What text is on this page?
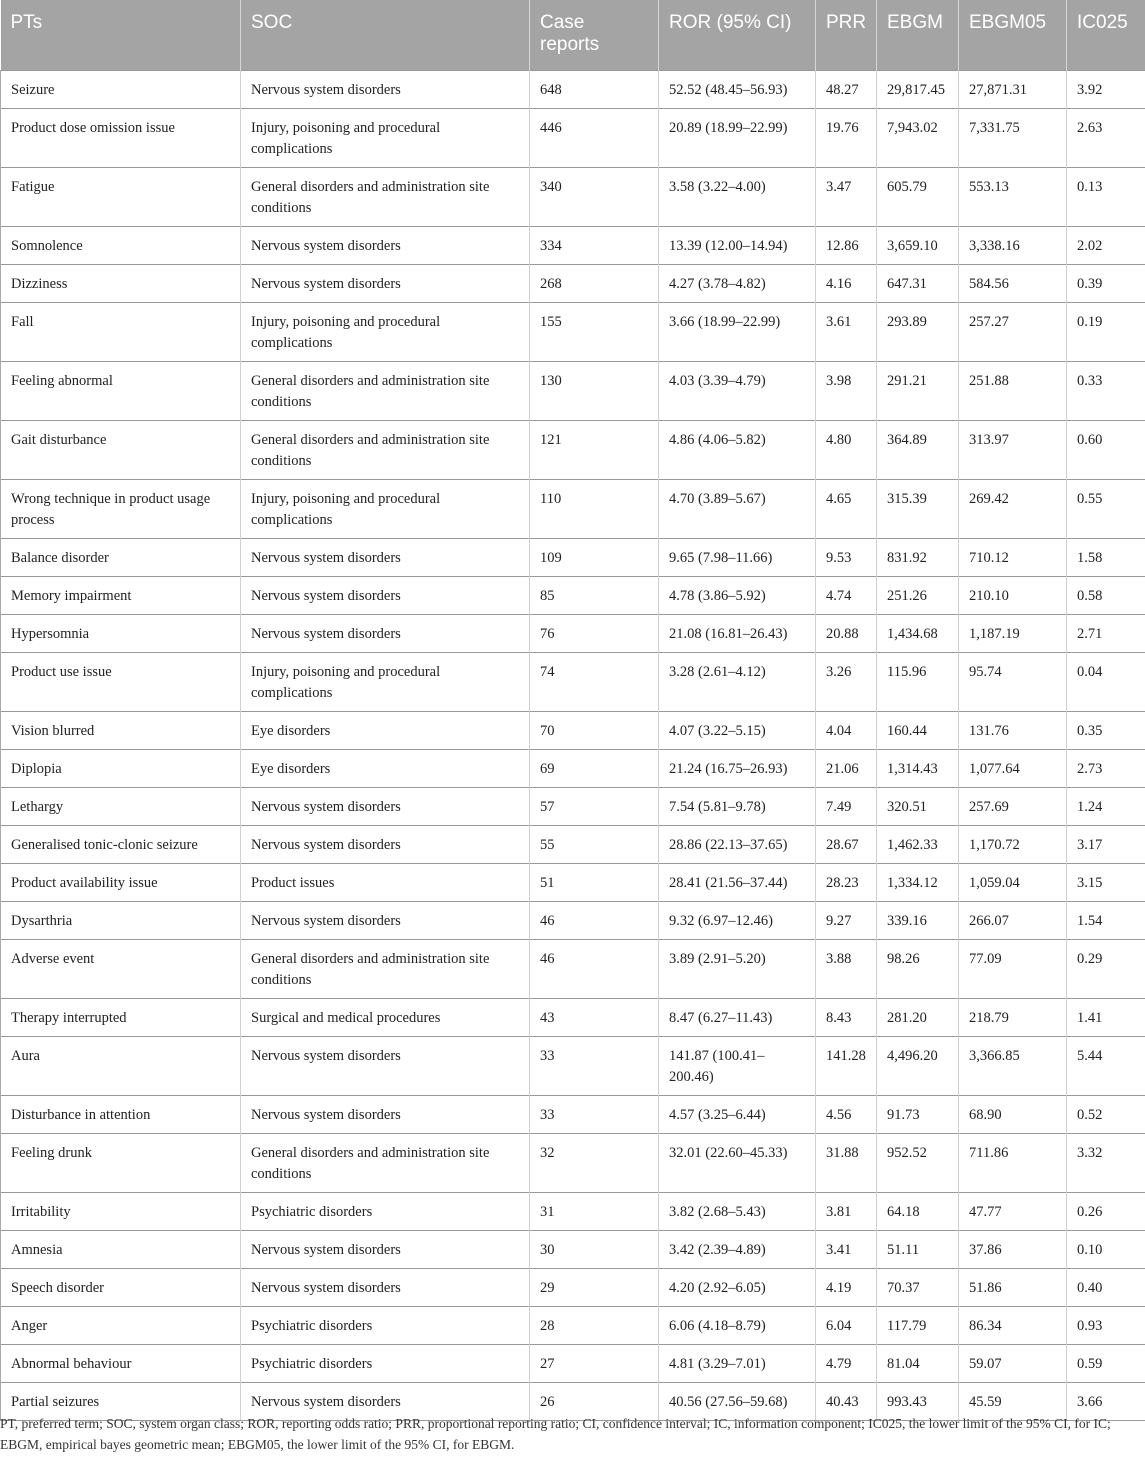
PTs	SOC	Case reports	ROR (95% CI)	PRR	EBGM	EBGM05	IC025
Seizure	Nervous system disorders	648	52.52 (48.45–56.93)	48.27	29,817.45	27,871.31	3.92
Product dose omission issue	Injury, poisoning and procedural complications	446	20.89 (18.99–22.99)	19.76	7,943.02	7,331.75	2.63
Fatigue	General disorders and administration site conditions	340	3.58 (3.22–4.00)	3.47	605.79	553.13	0.13
Somnolence	Nervous system disorders	334	13.39 (12.00–14.94)	12.86	3,659.10	3,338.16	2.02
Dizziness	Nervous system disorders	268	4.27 (3.78–4.82)	4.16	647.31	584.56	0.39
Fall	Injury, poisoning and procedural complications	155	3.66 (18.99–22.99)	3.61	293.89	257.27	0.19
Feeling abnormal	General disorders and administration site conditions	130	4.03 (3.39–4.79)	3.98	291.21	251.88	0.33
Gait disturbance	General disorders and administration site conditions	121	4.86 (4.06–5.82)	4.80	364.89	313.97	0.60
Wrong technique in product usage process	Injury, poisoning and procedural complications	110	4.70 (3.89–5.67)	4.65	315.39	269.42	0.55
Balance disorder	Nervous system disorders	109	9.65 (7.98–11.66)	9.53	831.92	710.12	1.58
Memory impairment	Nervous system disorders	85	4.78 (3.86–5.92)	4.74	251.26	210.10	0.58
Hypersomnia	Nervous system disorders	76	21.08 (16.81–26.43)	20.88	1,434.68	1,187.19	2.71
Product use issue	Injury, poisoning and procedural complications	74	3.28 (2.61–4.12)	3.26	115.96	95.74	0.04
Vision blurred	Eye disorders	70	4.07 (3.22–5.15)	4.04	160.44	131.76	0.35
Diplopia	Eye disorders	69	21.24 (16.75–26.93)	21.06	1,314.43	1,077.64	2.73
Lethargy	Nervous system disorders	57	7.54 (5.81–9.78)	7.49	320.51	257.69	1.24
Generalised tonic-clonic seizure	Nervous system disorders	55	28.86 (22.13–37.65)	28.67	1,462.33	1,170.72	3.17
Product availability issue	Product issues	51	28.41 (21.56–37.44)	28.23	1,334.12	1,059.04	3.15
Dysarthria	Nervous system disorders	46	9.32 (6.97–12.46)	9.27	339.16	266.07	1.54
Adverse event	General disorders and administration site conditions	46	3.89 (2.91–5.20)	3.88	98.26	77.09	0.29
Therapy interrupted	Surgical and medical procedures	43	8.47 (6.27–11.43)	8.43	281.20	218.79	1.41
Aura	Nervous system disorders	33	141.87 (100.41–200.46)	141.28	4,496.20	3,366.85	5.44
Disturbance in attention	Nervous system disorders	33	4.57 (3.25–6.44)	4.56	91.73	68.90	0.52
Feeling drunk	General disorders and administration site conditions	32	32.01 (22.60–45.33)	31.88	952.52	711.86	3.32
Irritability	Psychiatric disorders	31	3.82 (2.68–5.43)	3.81	64.18	47.77	0.26
Amnesia	Nervous system disorders	30	3.42 (2.39–4.89)	3.41	51.11	37.86	0.10
Speech disorder	Nervous system disorders	29	4.20 (2.92–6.05)	4.19	70.37	51.86	0.40
Anger	Psychiatric disorders	28	6.06 (4.18–8.79)	6.04	117.79	86.34	0.93
Abnormal behaviour	Psychiatric disorders	27	4.81 (3.29–7.01)	4.79	81.04	59.07	0.59
Partial seizures	Nervous system disorders	26	40.56 (27.56–59.68)	40.43	993.43	45.59	3.66
PT, preferred term; SOC, system organ class; ROR, reporting odds ratio; PRR, proportional reporting ratio; CI, confidence interval; IC, information component; IC025, the lower limit of the 95% CI, for IC; EBGM, empirical bayes geometric mean; EBGM05, the lower limit of the 95% CI, for EBGM.
